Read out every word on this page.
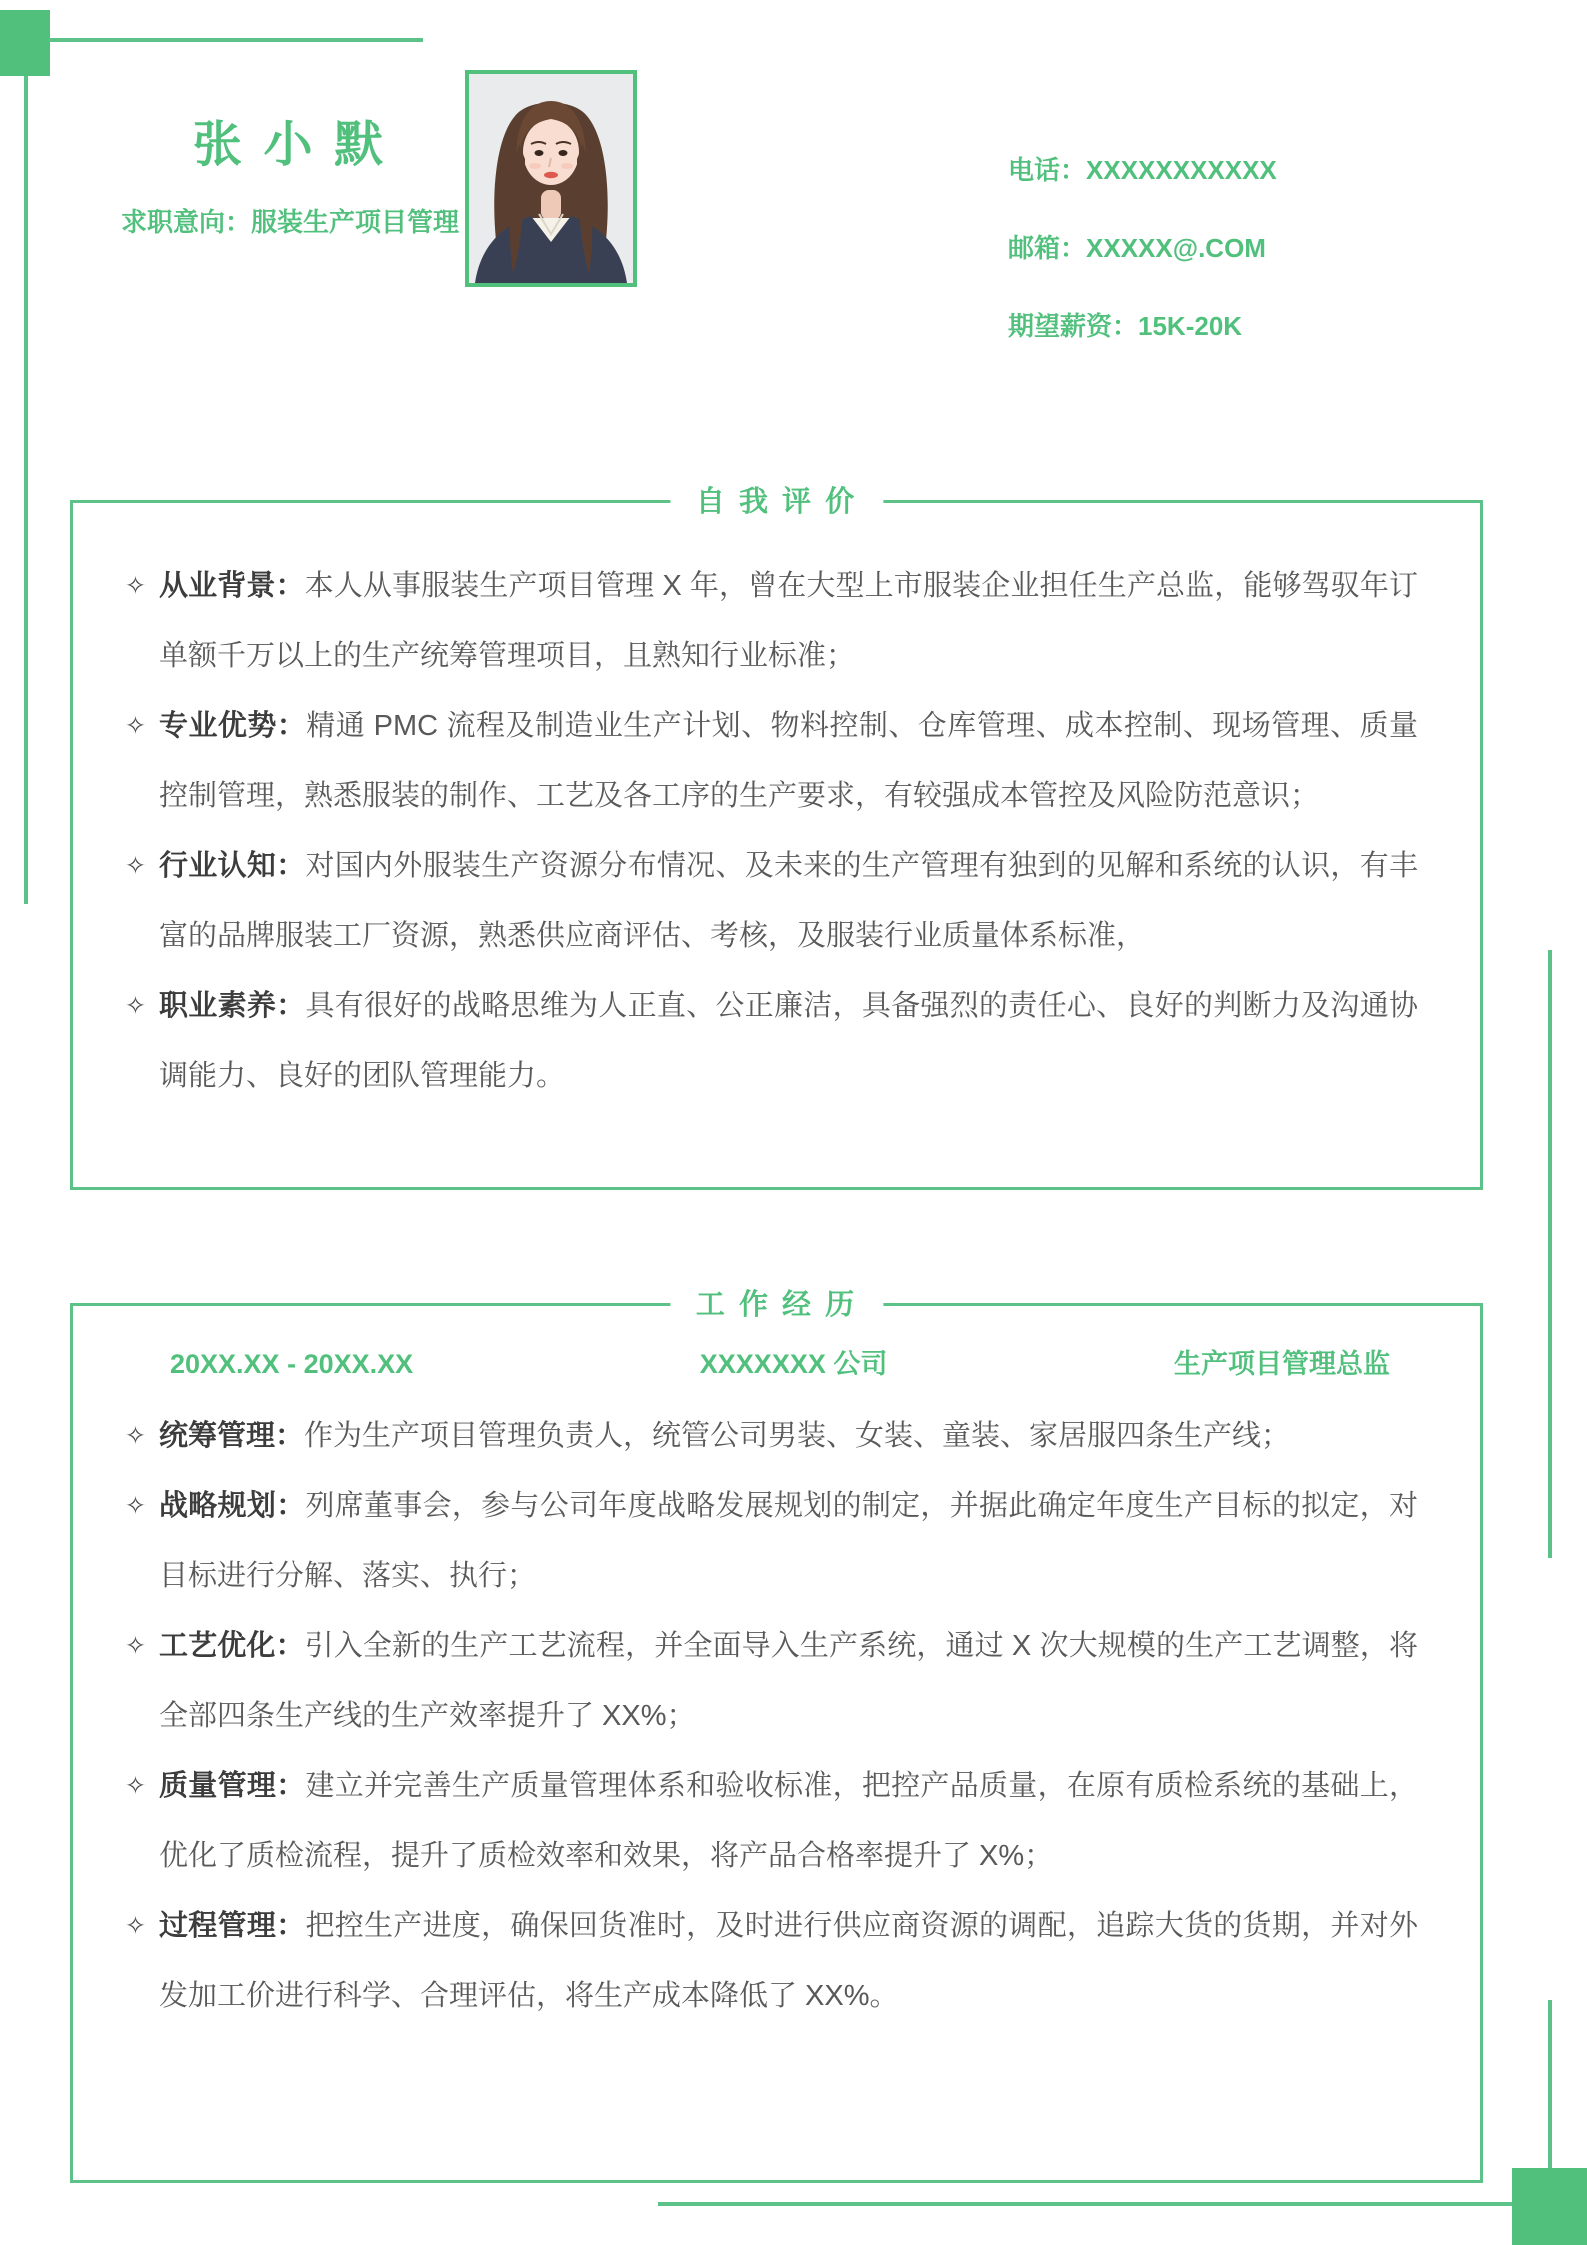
张 小 默
求职意向：服装生产项目管理
电话：XXXXXXXXXXX
邮箱：XXXXX@.COM
期望薪资：15K-20K
自 我 评 价
✧ 从业背景：本人从事服装生产项目管理 X 年，曾在大型上市服装企业担任生产总监，能够驾驭年订单额千万以上的生产统筹管理项目，且熟知行业标准；

✧ 专业优势：精通 PMC 流程及制造业生产计划、物料控制、仓库管理、成本控制、现场管理、质量控制管理，熟悉服装的制作、工艺及各工序的生产要求，有较强成本管控及风险防范意识；

✧ 行业认知：对国内外服装生产资源分布情况、及未来的生产管理有独到的见解和系统的认识，有丰富的品牌服装工厂资源，熟悉供应商评估、考核，及服装行业质量体系标准，

✧ 职业素养：具有很好的战略思维为人正直、公正廉洁，具备强烈的责任心、良好的判断力及沟通协调能力、良好的团队管理能力。

工 作 经 历
20XX.XX - 20XX.XX	XXXXXXX 公司	生产项目管理总监
✧ 统筹管理：作为生产项目管理负责人，统管公司男装、女装、童装、家居服四条生产线；

✧ 战略规划：列席董事会，参与公司年度战略发展规划的制定，并据此确定年度生产目标的拟定，对目标进行分解、落实、执行；

✧ 工艺优化：引入全新的生产工艺流程，并全面导入生产系统，通过 X 次大规模的生产工艺调整，将全部四条生产线的生产效率提升了 XX%；

✧ 质量管理：建立并完善生产质量管理体系和验收标准，把控产品质量，在原有质检系统的基础上，优化了质检流程，提升了质检效率和效果，将产品合格率提升了 X%；

✧ 过程管理：把控生产进度，确保回货准时，及时进行供应商资源的调配，追踪大货的货期，并对外发加工价进行科学、合理评估，将生产成本降低了 XX%。
